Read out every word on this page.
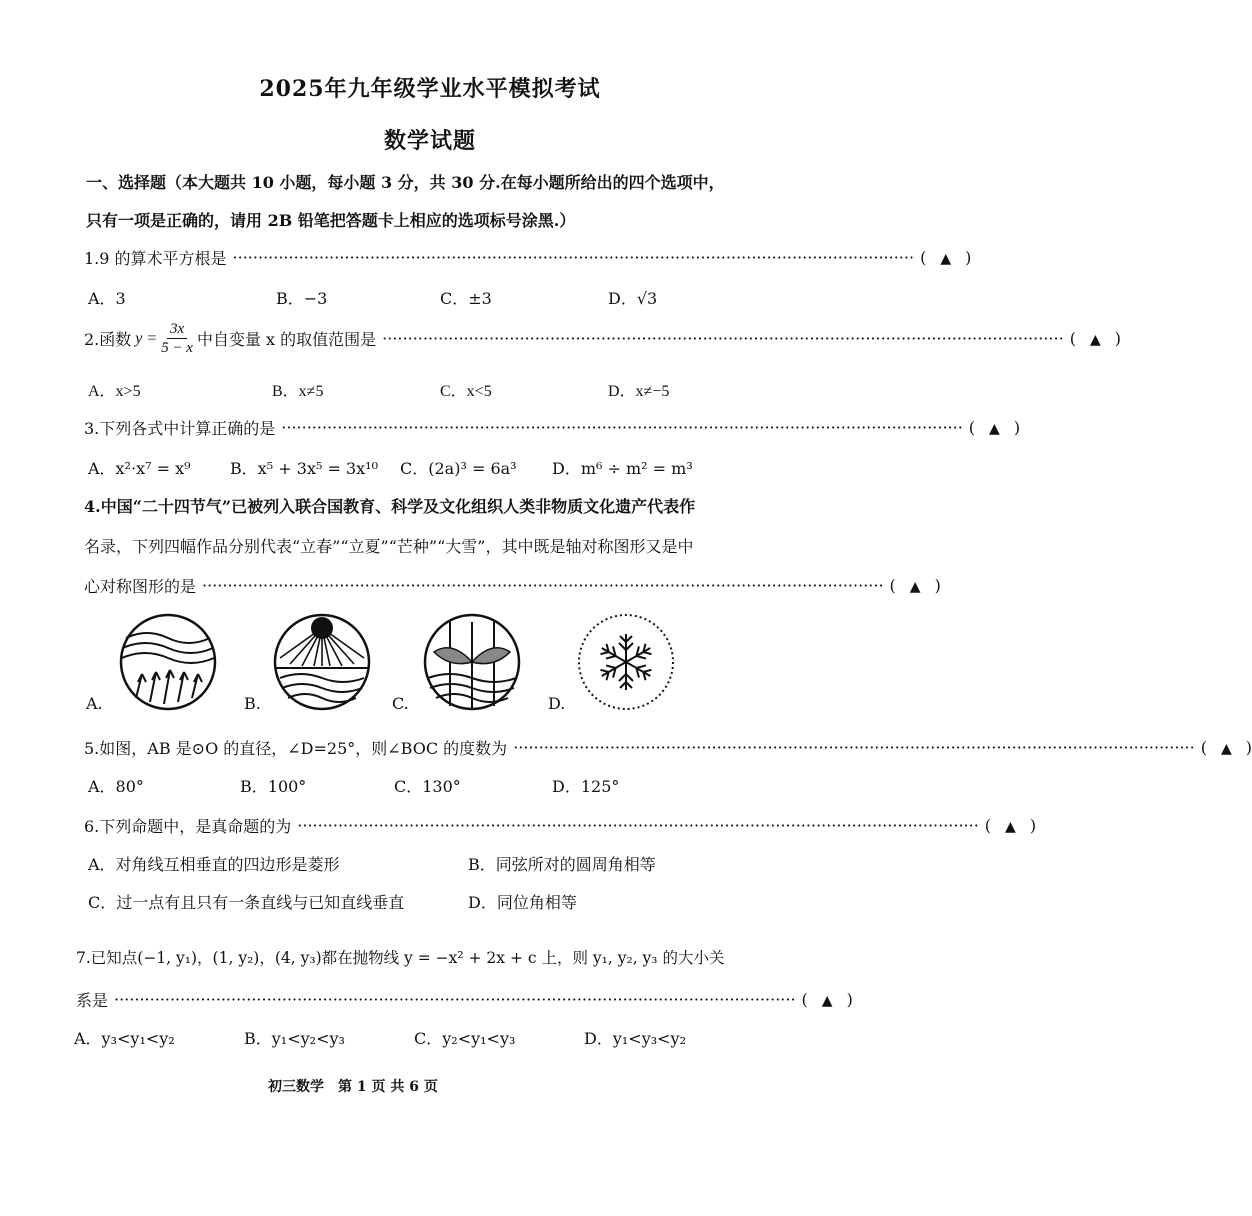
2025年九年级学业水平模拟考试
数学试题
一、选择题（本大题共 10 小题，每小题 3 分，共 30 分.在每小题所给出的四个选项中，
只有一项是正确的，请用 2B 铅笔把答题卡上相应的选项标号涂黑.）
1.9 的算术平方根是 ······································································································································ ( ▲ )
A．3	B．−3	C．±3	D．√3
2.函数 $y = \frac{3x}{5 - x}$ 中自变量 x 的取值范围是 ······································································································································ ( ▲ )
A．x>5	B．x≠5	C．x<5	D．x≠−5
3.下列各式中计算正确的是 ······································································································································ ( ▲ )
A．x²·x⁷ = x⁹ B．x⁵ + 3x⁵ = 3x¹⁰ C．(2a)³ = 6a³ D．m⁶ ÷ m² = m³
4.中国“二十四节气”已被列入联合国教育、科学及文化组织人类非物质文化遗产代表作
名录，下列四幅作品分别代表“立春”“立夏”“芒种”“大雪”，其中既是轴对称图形又是中
心对称图形的是 ······································································································································ ( ▲ )
A.	B.	C.	D.
5.如图，AB 是⊙O 的直径，∠D=25°，则∠BOC 的度数为 ······································································································································ ( ▲ )
A．80°	B．100°	C．130°	D．125°
6.下列命题中，是真命题的为 ······································································································································ ( ▲ )
A．对角线互相垂直的四边形是菱形	B．同弦所对的圆周角相等
C．过一点有且只有一条直线与已知直线垂直	D．同位角相等
7.已知点(−1, y₁)，(1, y₂)，(4, y₃)都在抛物线 y = −x² + 2x + c 上，则 y₁, y₂, y₃ 的大小关
系是 ······································································································································ ( ▲ )
A．y₃<y₁<y₂	B．y₁<y₂<y₃	C．y₂<y₁<y₃	D．y₁<y₃<y₂
初三数学　第 1 页 共 6 页
